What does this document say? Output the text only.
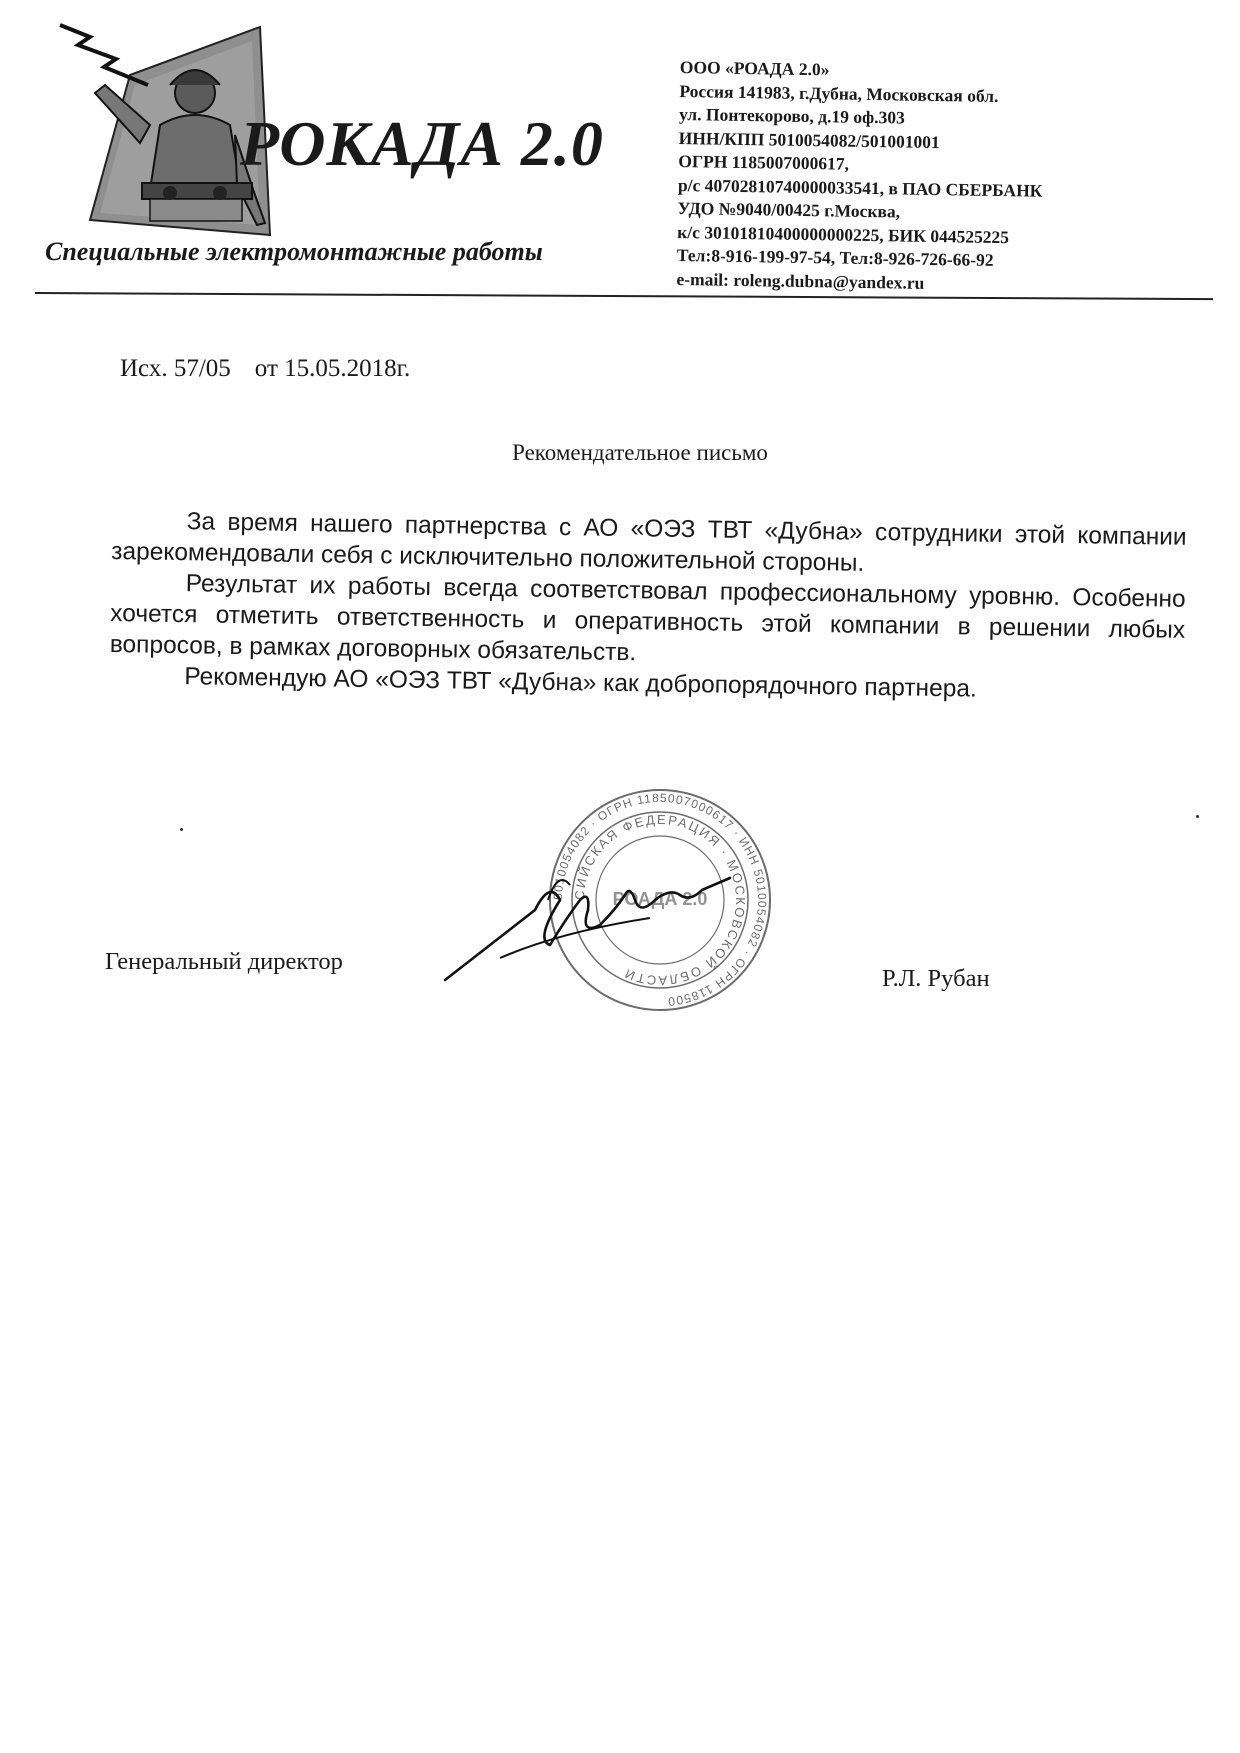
РОКАДА 2.0
Специальные электромонтажные работы
ООО «РОАДА 2.0»
Россия 141983, г.Дубна, Московская обл.
ул. Понтекорово, д.19 оф.303
ИНН/КПП 5010054082/501001001
ОГРН 1185007000617,
р/с 40702810740000033541, в ПАО СБЕРБАНК
УДО №9040/00425 г.Москва,
к/с 30101810400000000225, БИК 044525225
Тел:8-916-199-97-54, Тел:8-926-726-66-92
e-mail: roleng.dubna@yandex.ru
Исх. 57/05 от 15.05.2018г.
Рекомендательное письмо

За время нашего партнерства с АО «ОЭЗ ТВТ «Дубна» сотрудники этой компании зарекомендовали себя с исключительно положительной стороны.

Результат их работы всегда соответствовал профессиональному уровню. Особенно хочется отметить ответственность и оперативность этой компании в решении любых вопросов, в рамках договорных обязательств.

Рекомендую АО «ОЭЗ ТВТ «Дубна» как добропорядочного партнера.

5010054082 · ОГРН 1185007000617 · ИНН 5010054082 · ОГРН 118500
СИЙСКАЯ ФЕДЕРАЦИЯ · МОСКОВСКОЙ ОБЛАСТИ
РОАДА 2.0
Генеральный директор
Р.Л. Рубан
